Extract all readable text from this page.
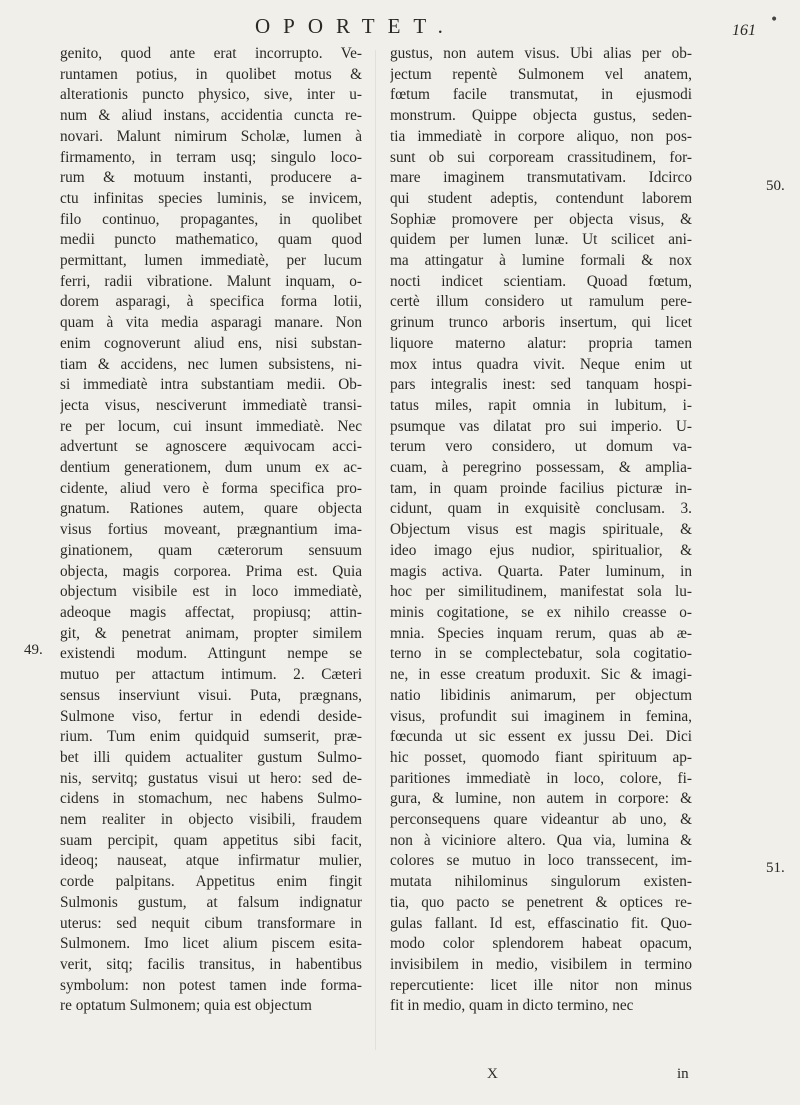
OPORTET.	161
•
49.
50.
51.
genito, quod ante erat incorrupto. Ve-
runtamen potius, in quolibet motus &
alterationis puncto physico, sive, inter u-
num & aliud instans, accidentia cuncta re-
novari. Malunt nimirum Scholæ, lumen à
firmamento, in terram usq; singulo loco-
rum & motuum instanti, producere a-
ctu infinitas species luminis, se invicem,
filo continuo, propagantes, in quolibet
medii puncto mathematico, quam quod
permittant, lumen immediatè, per lucum
ferri, radii vibratione. Malunt inquam, o-
dorem asparagi, à specifica forma lotii,
quam à vita media asparagi manare. Non
enim cognoverunt aliud ens, nisi substan-
tiam & accidens, nec lumen subsistens, ni-
si immediatè intra substantiam medii. Ob-
jecta visus, nesciverunt immediatè transi-
re per locum, cui insunt immediatè. Nec
advertunt se agnoscere æquivocam acci-
dentium generationem, dum unum ex ac-
cidente, aliud vero è forma specifica pro-
gnatum. Rationes autem, quare objecta
visus fortius moveant, prægnantium ima-
ginationem, quam cæterorum sensuum
objecta, magis corporea. Prima est. Quia
objectum visibile est in loco immediatè,
adeoque magis affectat, propiusq; attin-
git, & penetrat animam, propter similem
existendi modum. Attingunt nempe se
mutuo per attactum intimum. 2. Cæteri
sensus inserviunt visui. Puta, prægnans,
Sulmone viso, fertur in edendi deside-
rium. Tum enim quidquid sumserit, præ-
bet illi quidem actualiter gustum Sulmo-
nis, servitq; gustatus visui ut hero: sed de-
cidens in stomachum, nec habens Sulmo-
nem realiter in objecto visibili, fraudem
suam percipit, quam appetitus sibi facit,
ideoq; nauseat, atque infirmatur mulier,
corde palpitans. Appetitus enim fingit
Sulmonis gustum, at falsum indignatur
uterus: sed nequit cibum transformare in
Sulmonem. Imo licet alium piscem esita-
verit, sitq; facilis transitus, in habentibus
symbolum: non potest tamen inde forma-
re optatum Sulmonem; quia est objectum
gustus, non autem visus. Ubi alias per ob-
jectum repentè Sulmonem vel anatem,
fœtum facile transmutat, in ejusmodi
monstrum. Quippe objecta gustus, seden-
tia immediatè in corpore aliquo, non pos-
sunt ob sui corpoream crassitudinem, for-
mare imaginem transmutativam. Idcirco
qui student adeptis, contendunt laborem
Sophiæ promovere per objecta visus, &
quidem per lumen lunæ. Ut scilicet ani-
ma attingatur à lumine formali & nox
nocti indicet scientiam. Quoad fœtum,
certè illum considero ut ramulum pere-
grinum trunco arboris insertum, qui licet
liquore materno alatur: propria tamen
mox intus quadra vivit. Neque enim ut
pars integralis inest: sed tanquam hospi-
tatus miles, rapit omnia in lubitum, i-
psumque vas dilatat pro sui imperio. U-
terum vero considero, ut domum va-
cuam, à peregrino possessam, & amplia-
tam, in quam proinde facilius picturæ in-
cidunt, quam in exquisitè conclusam. 3.
Objectum visus est magis spirituale, &
ideo imago ejus nudior, spiritualior, &
magis activa. Quarta. Pater luminum, in
hoc per similitudinem, manifestat sola lu-
minis cogitatione, se ex nihilo creasse o-
mnia. Species inquam rerum, quas ab æ-
terno in se complectebatur, sola cogitatio-
ne, in esse creatum produxit. Sic & imagi-
natio libidinis animarum, per objectum
visus, profundit sui imaginem in femina,
fœcunda ut sic essent ex jussu Dei. Dici
hic posset, quomodo fiant spirituum ap-
paritiones immediatè in loco, colore, fi-
gura, & lumine, non autem in corpore: &
perconsequens quare videantur ab uno, &
non à viciniore altero. Qua via, lumina &
colores se mutuo in loco transsecent, im-
mutata nihilominus singulorum existen-
tia, quo pacto se penetrent & optices re-
gulas fallant. Id est, effascinatio fit. Quo-
modo color splendorem habeat opacum,
invisibilem in medio, visibilem in termino
repercutiente: licet ille nitor non minus
fit in medio, quam in dicto termino, nec
X	in
